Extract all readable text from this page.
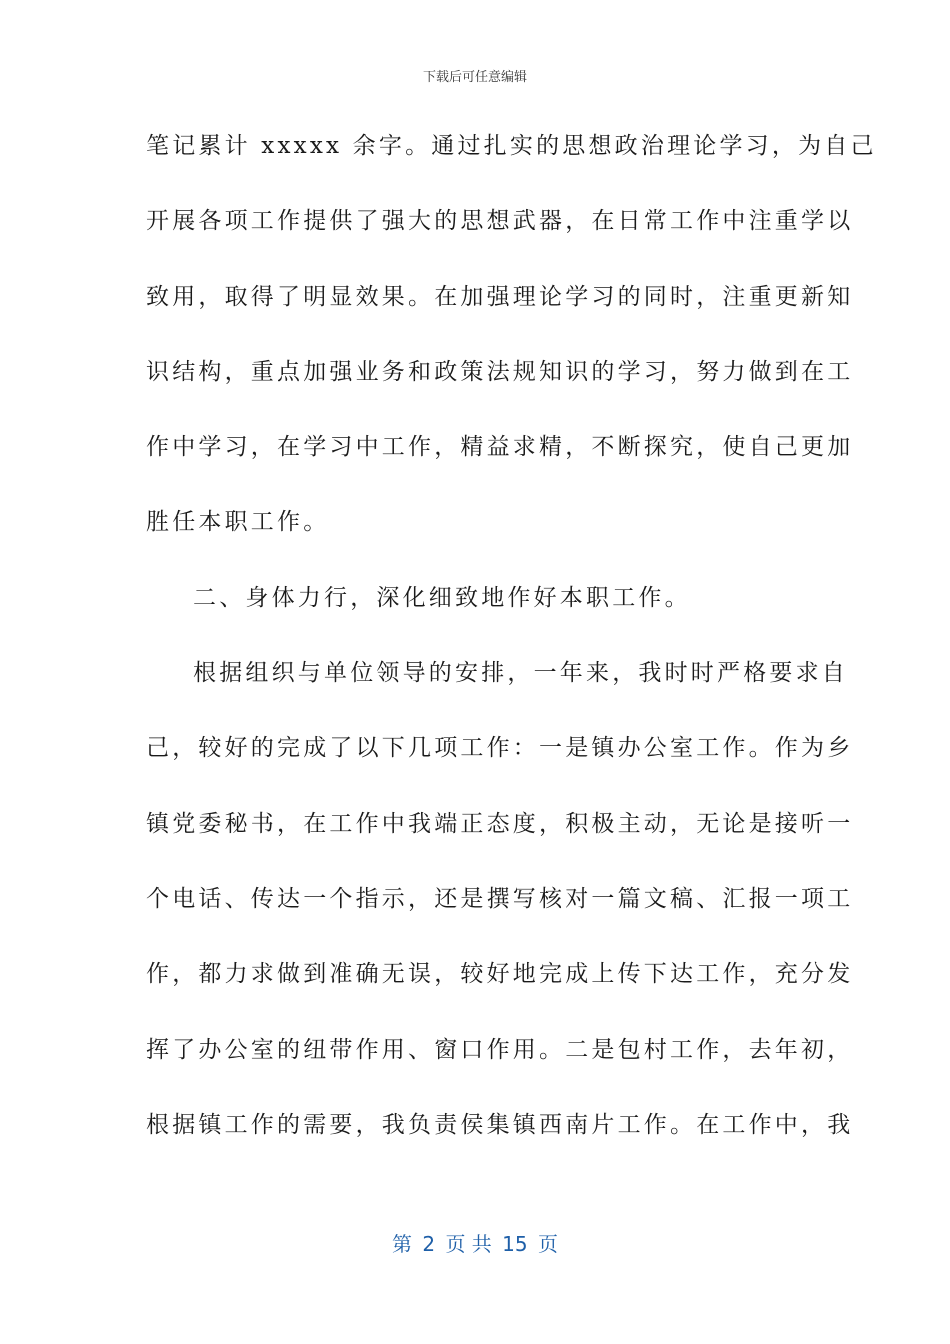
下载后可任意编辑
笔记累计 xxxxx 余字。通过扎实的思想政治理论学习，为自己
开展各项工作提供了强大的思想武器，在日常工作中注重学以
致用，取得了明显效果。在加强理论学习的同时，注重更新知
识结构，重点加强业务和政策法规知识的学习，努力做到在工
作中学习，在学习中工作，精益求精，不断探究，使自己更加
胜任本职工作。
二、身体力行，深化细致地作好本职工作。
根据组织与单位领导的安排，一年来，我时时严格要求自
己，较好的完成了以下几项工作：一是镇办公室工作。作为乡
镇党委秘书，在工作中我端正态度，积极主动，无论是接听一
个电话、传达一个指示，还是撰写核对一篇文稿、汇报一项工
作，都力求做到准确无误，较好地完成上传下达工作，充分发
挥了办公室的纽带作用、窗口作用。二是包村工作，去年初，
根据镇工作的需要，我负责侯集镇西南片工作。在工作中，我
第 2 页 共 15 页
